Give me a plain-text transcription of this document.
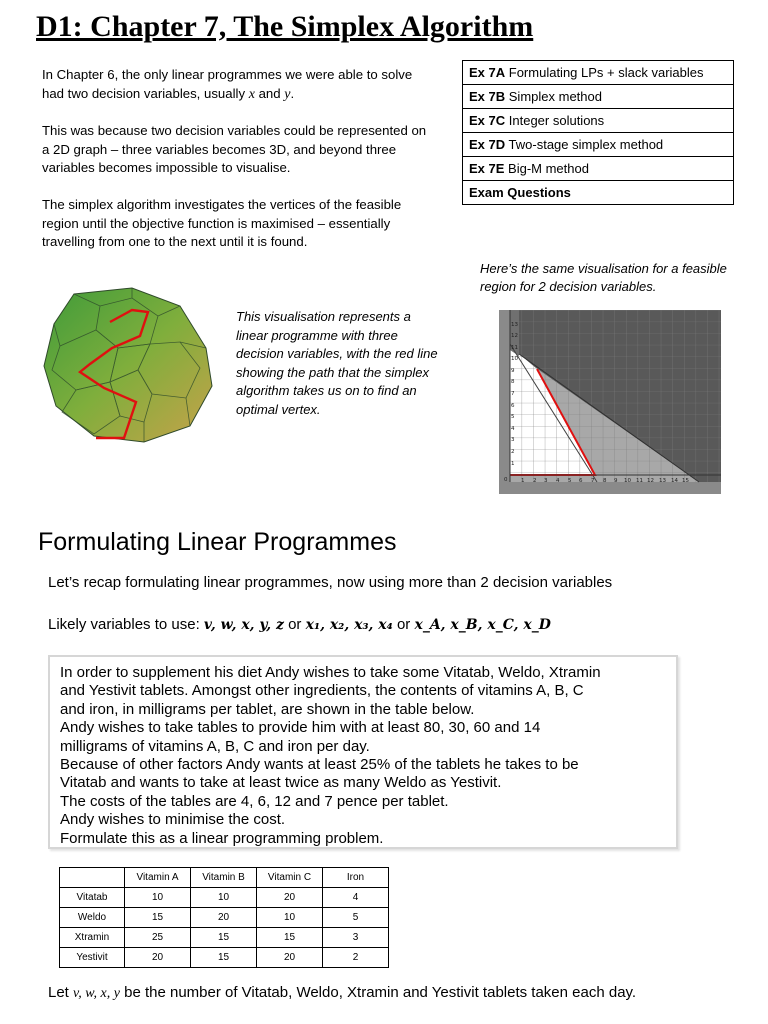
D1: Chapter 7, The Simplex Algorithm

In Chapter 6, the only linear programmes we were able to solve had two decision variables, usually x and y.

This was because two decision variables could be represented on a 2D graph – three variables becomes 3D, and beyond three variables becomes impossible to visualise.

The simplex algorithm investigates the vertices of the feasible region until the objective function is maximised – essentially travelling from one to the next until it is found.

Ex 7A Formulating LPs + slack variables
Ex 7B Simplex method
Ex 7C Integer solutions
Ex 7D Two-stage simplex method
Ex 7E Big-M method
Exam Questions
Here’s the same visualisation for a feasible region for 2 decision variables.
This visualisation represents a linear programme with three decision variables, with the red line showing the path that the simplex algorithm takes us on to find an optimal vertex.
0 1 2 3 4 5 6 7 8 9 10 11 12 13 14 15
1
2
3
4
5
6
7
8
9
10
11
12
13
Formulating Linear Programmes
Let’s recap formulating linear programmes, now using more than 2 decision variables
Likely variables to use: v, w, x, y, z or x₁, x₂, x₃, x₄ or x_A, x_B, x_C, x_D
In order to supplement his diet Andy wishes to take some Vitatab, Weldo, Xtramin
and Yestivit tablets. Amongst other ingredients, the contents of vitamins A, B, C
and iron, in milligrams per tablet, are shown in the table below.
Andy wishes to take tables to provide him with at least 80, 30, 60 and 14
milligrams of vitamins A, B, C and iron per day.
Because of other factors Andy wants at least 25% of the tablets he takes to be
Vitatab and wants to take at least twice as many Weldo as Yestivit.
The costs of the tables are 4, 6, 12 and 7 pence per tablet.
Andy wishes to minimise the cost.
Formulate this as a linear programming problem.
	Vitamin A	Vitamin B	Vitamin C	Iron
Vitatab	10	10	20	4
Weldo	15	20	10	5
Xtramin	25	15	15	3
Yestivit	20	15	20	2
Let v, w, x, y be the number of Vitatab, Weldo, Xtramin and Yestivit tablets taken each day.
